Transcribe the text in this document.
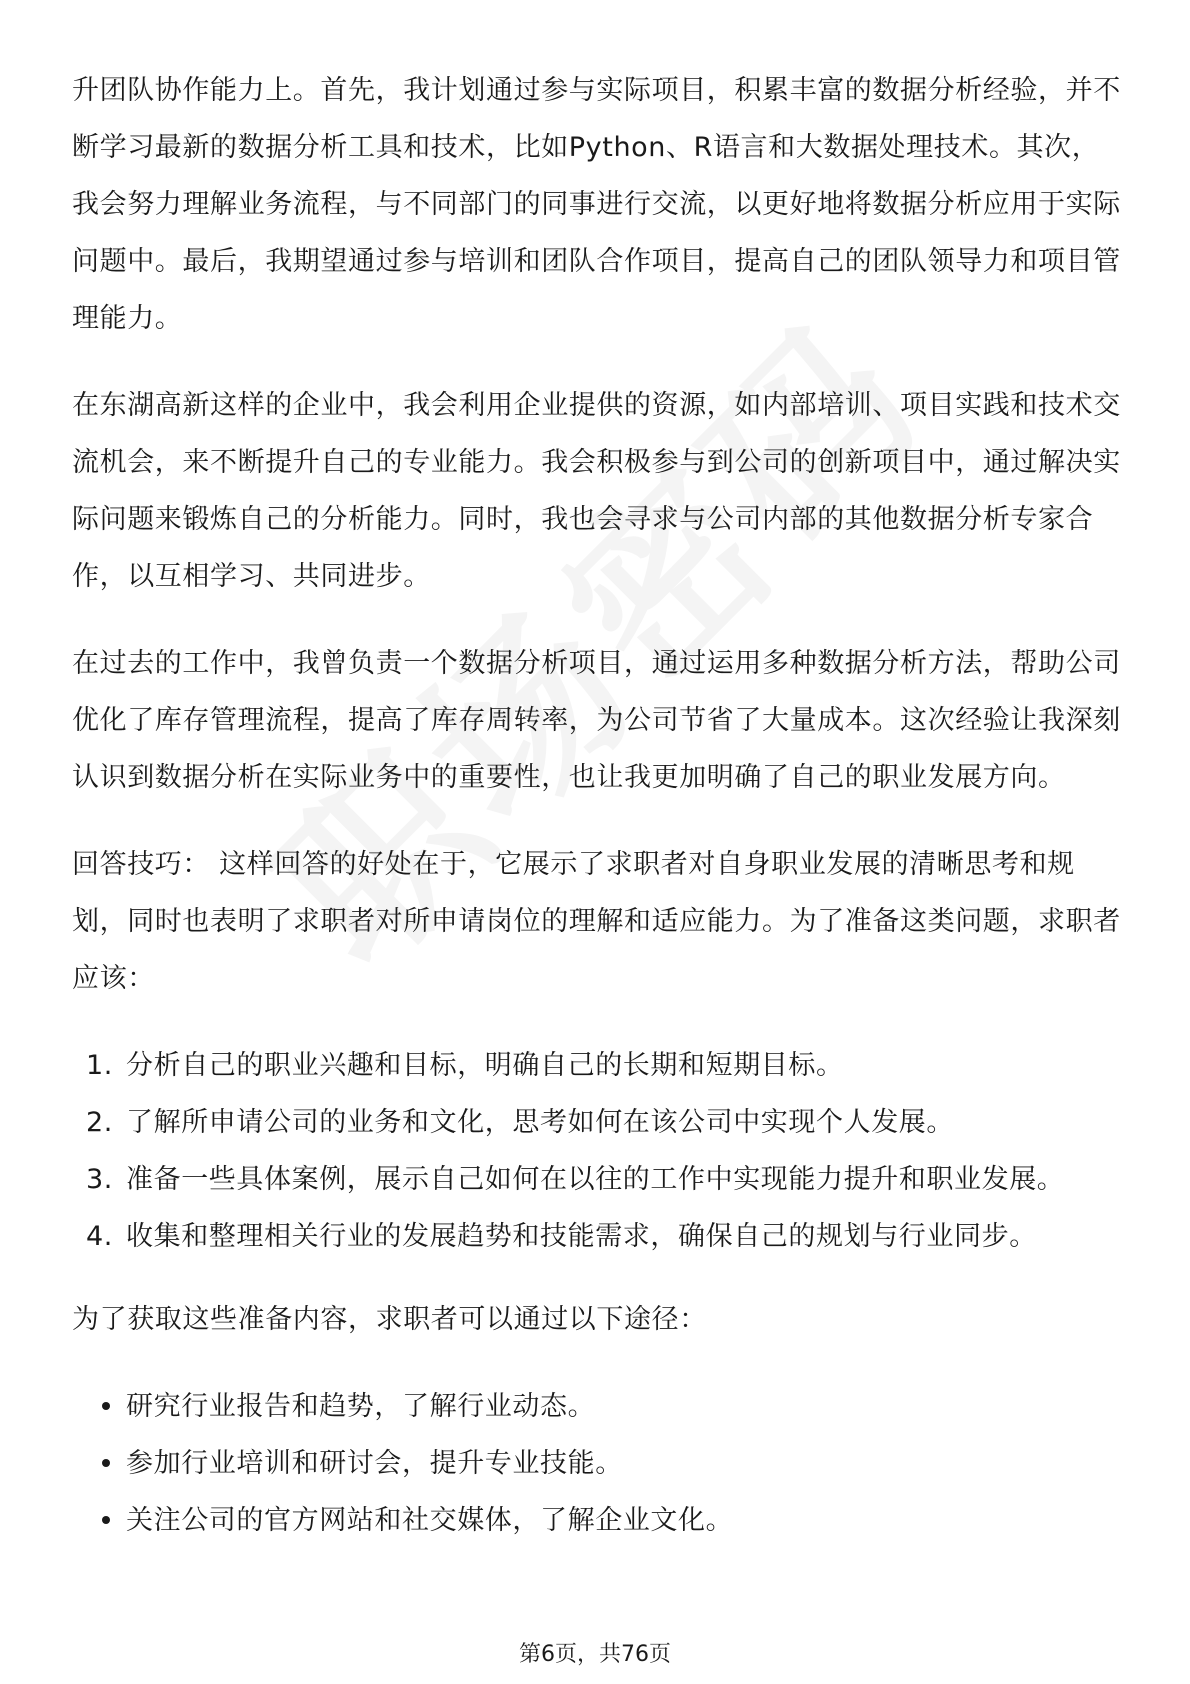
升团队协作能力上。首先，我计划通过参与实际项目，积累丰富的数据分析经验，并不断学习最新的数据分析工具和技术，比如Python、R语言和大数据处理技术。其次，我会努力理解业务流程，与不同部门的同事进行交流，以更好地将数据分析应用于实际问题中。最后，我期望通过参与培训和团队合作项目，提高自己的团队领导力和项目管理能力。

在东湖高新这样的企业中，我会利用企业提供的资源，如内部培训、项目实践和技术交流机会，来不断提升自己的专业能力。我会积极参与到公司的创新项目中，通过解决实际问题来锻炼自己的分析能力。同时，我也会寻求与公司内部的其他数据分析专家合作，以互相学习、共同进步。

在过去的工作中，我曾负责一个数据分析项目，通过运用多种数据分析方法，帮助公司优化了库存管理流程，提高了库存周转率，为公司节省了大量成本。这次经验让我深刻认识到数据分析在实际业务中的重要性，也让我更加明确了自己的职业发展方向。

回答技巧： 这样回答的好处在于，它展示了求职者对自身职业发展的清晰思考和规划，同时也表明了求职者对所申请岗位的理解和适应能力。为了准备这类问题，求职者应该：

1. 分析自己的职业兴趣和目标，明确自己的长期和短期目标。
2. 了解所申请公司的业务和文化，思考如何在该公司中实现个人发展。
3. 准备一些具体案例，展示自己如何在以往的工作中实现能力提升和职业发展。
4. 收集和整理相关行业的发展趋势和技能需求，确保自己的规划与行业同步。

为了获取这些准备内容，求职者可以通过以下途径：

研究行业报告和趋势，了解行业动态。
参加行业培训和研讨会，提升专业技能。
关注公司的官方网站和社交媒体，了解企业文化。
第6页，共76页
